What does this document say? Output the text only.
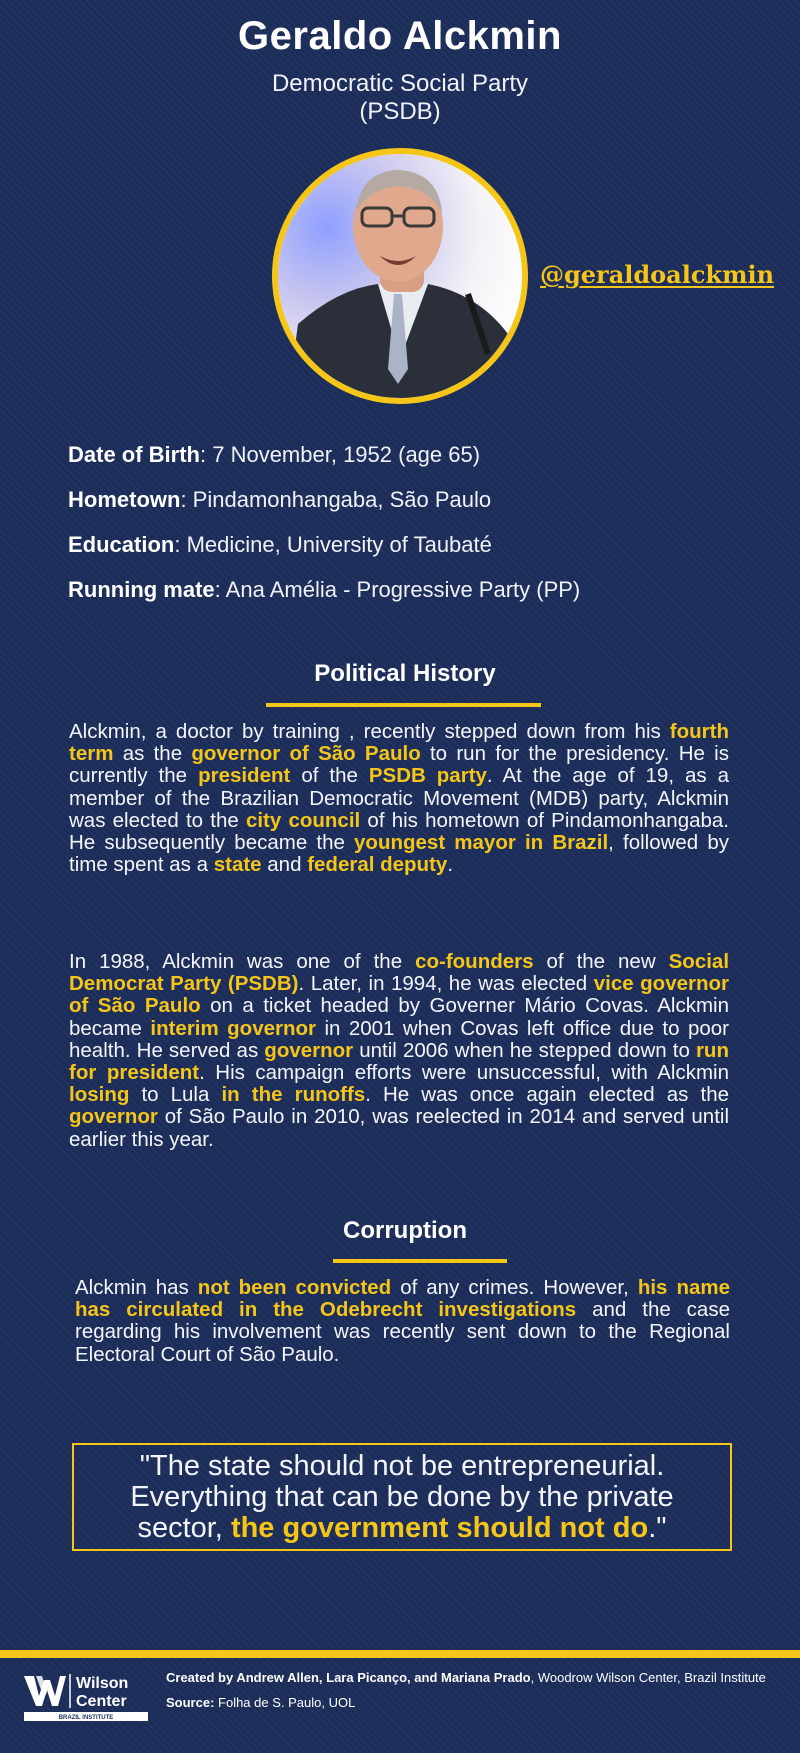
Geraldo Alckmin
Democratic Social Party
(PSDB)
@geraldoalckmin
Date of Birth: 7 November, 1952 (age 65)
Hometown: Pindamonhangaba, São Paulo
Education: Medicine, University of Taubaté
Running mate: Ana Amélia - Progressive Party (PP)
Political History
Alckmin, a doctor by training , recently stepped down from his fourth term as the governor of São Paulo to run for the presidency. He is currently the president of the PSDB party. At the age of 19, as a member of the Brazilian Democratic Movement (MDB) party, Alckmin was elected to the city council of his hometown of Pindamonhangaba. He subsequently became the youngest mayor in Brazil, followed by time spent as a state and federal deputy.
In 1988, Alckmin was one of the co-founders of the new Social Democrat Party (PSDB). Later, in 1994, he was elected vice governor of São Paulo on a ticket headed by Governer Mário Covas. Alckmin became interim governor in 2001 when Covas left office due to poor health. He served as governor until 2006 when he stepped down to run for president. His campaign efforts were unsuccessful, with Alckmin losing to Lula in the runoffs. He was once again elected as the governor of São Paulo in 2010, was reelected in 2014 and served until earlier this year.
Corruption
Alckmin has not been convicted of any crimes. However, his name has circulated in the Odebrecht investigations and the case regarding his involvement was recently sent down to the Regional Electoral Court of São Paulo.
"The state should not be entrepreneurial. Everything that can be done by the private sector, the government should not do."
Wilson
Center
BRAZIL INSTITUTE
Created by Andrew Allen, Lara Picanço, and Mariana Prado, Woodrow Wilson Center, Brazil Institute
Source: Folha de S. Paulo, UOL
